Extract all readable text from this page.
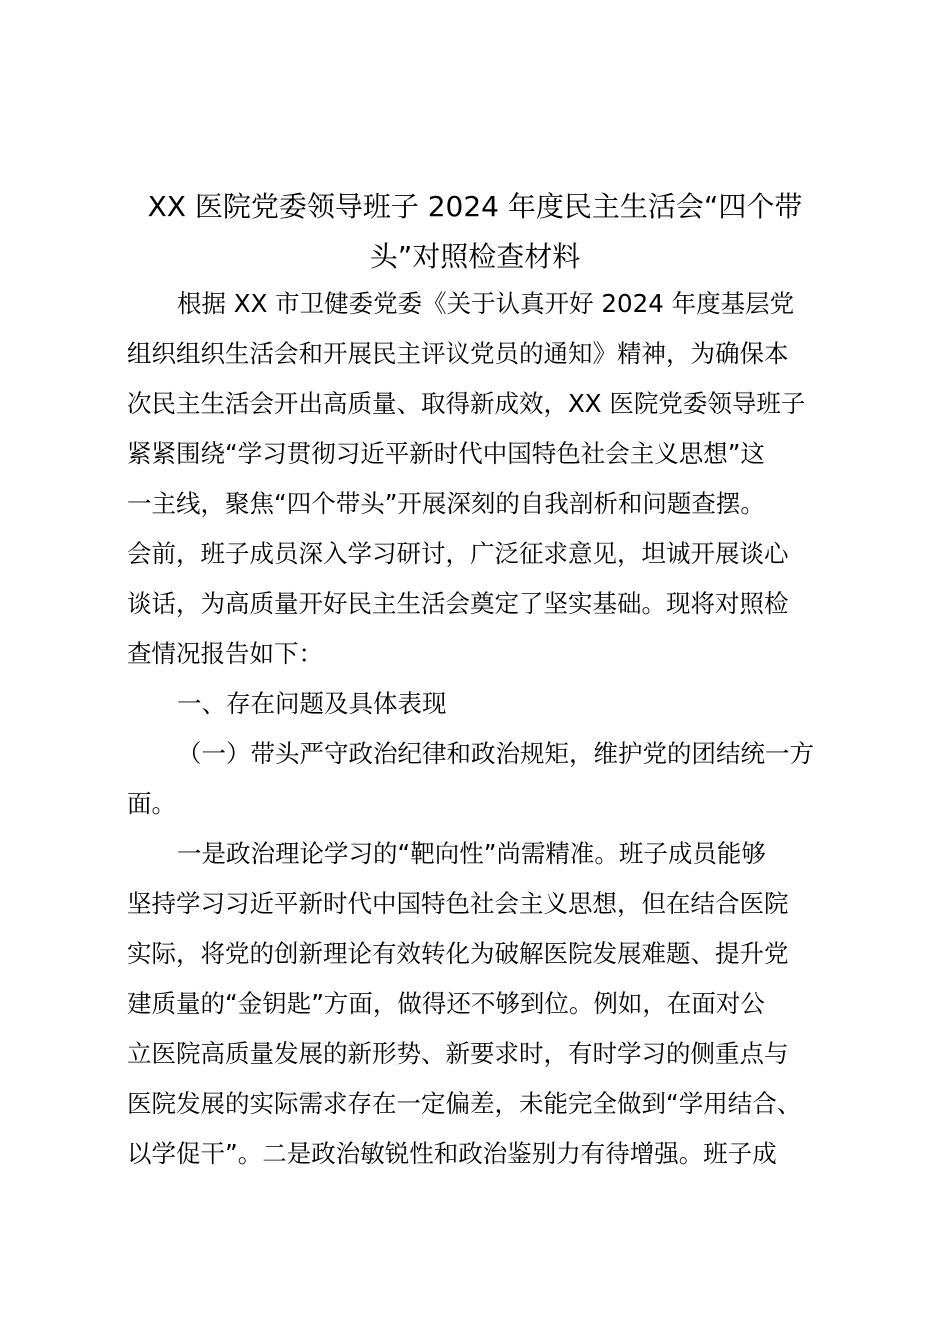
XX 医院党委领导班子 2024 年度民主生活会“四个带
头”对照检查材料
根据 XX 市卫健委党委《关于认真开好 2024 年度基层党
组织组织生活会和开展民主评议党员的通知》精神，为确保本
次民主生活会开出高质量、取得新成效，XX 医院党委领导班子
紧紧围绕“学习贯彻习近平新时代中国特色社会主义思想”这
一主线，聚焦“四个带头”开展深刻的自我剖析和问题查摆。
会前，班子成员深入学习研讨，广泛征求意见，坦诚开展谈心
谈话，为高质量开好民主生活会奠定了坚实基础。现将对照检
查情况报告如下：
一、存在问题及具体表现
（一）带头严守政治纪律和政治规矩，维护党的团结统一方
面。
一是政治理论学习的“靶向性”尚需精准。班子成员能够
坚持学习习近平新时代中国特色社会主义思想，但在结合医院
实际，将党的创新理论有效转化为破解医院发展难题、提升党
建质量的“金钥匙”方面，做得还不够到位。例如，在面对公
立医院高质量发展的新形势、新要求时，有时学习的侧重点与
医院发展的实际需求存在一定偏差，未能完全做到“学用结合、
以学促干”。二是政治敏锐性和政治鉴别力有待增强。班子成
